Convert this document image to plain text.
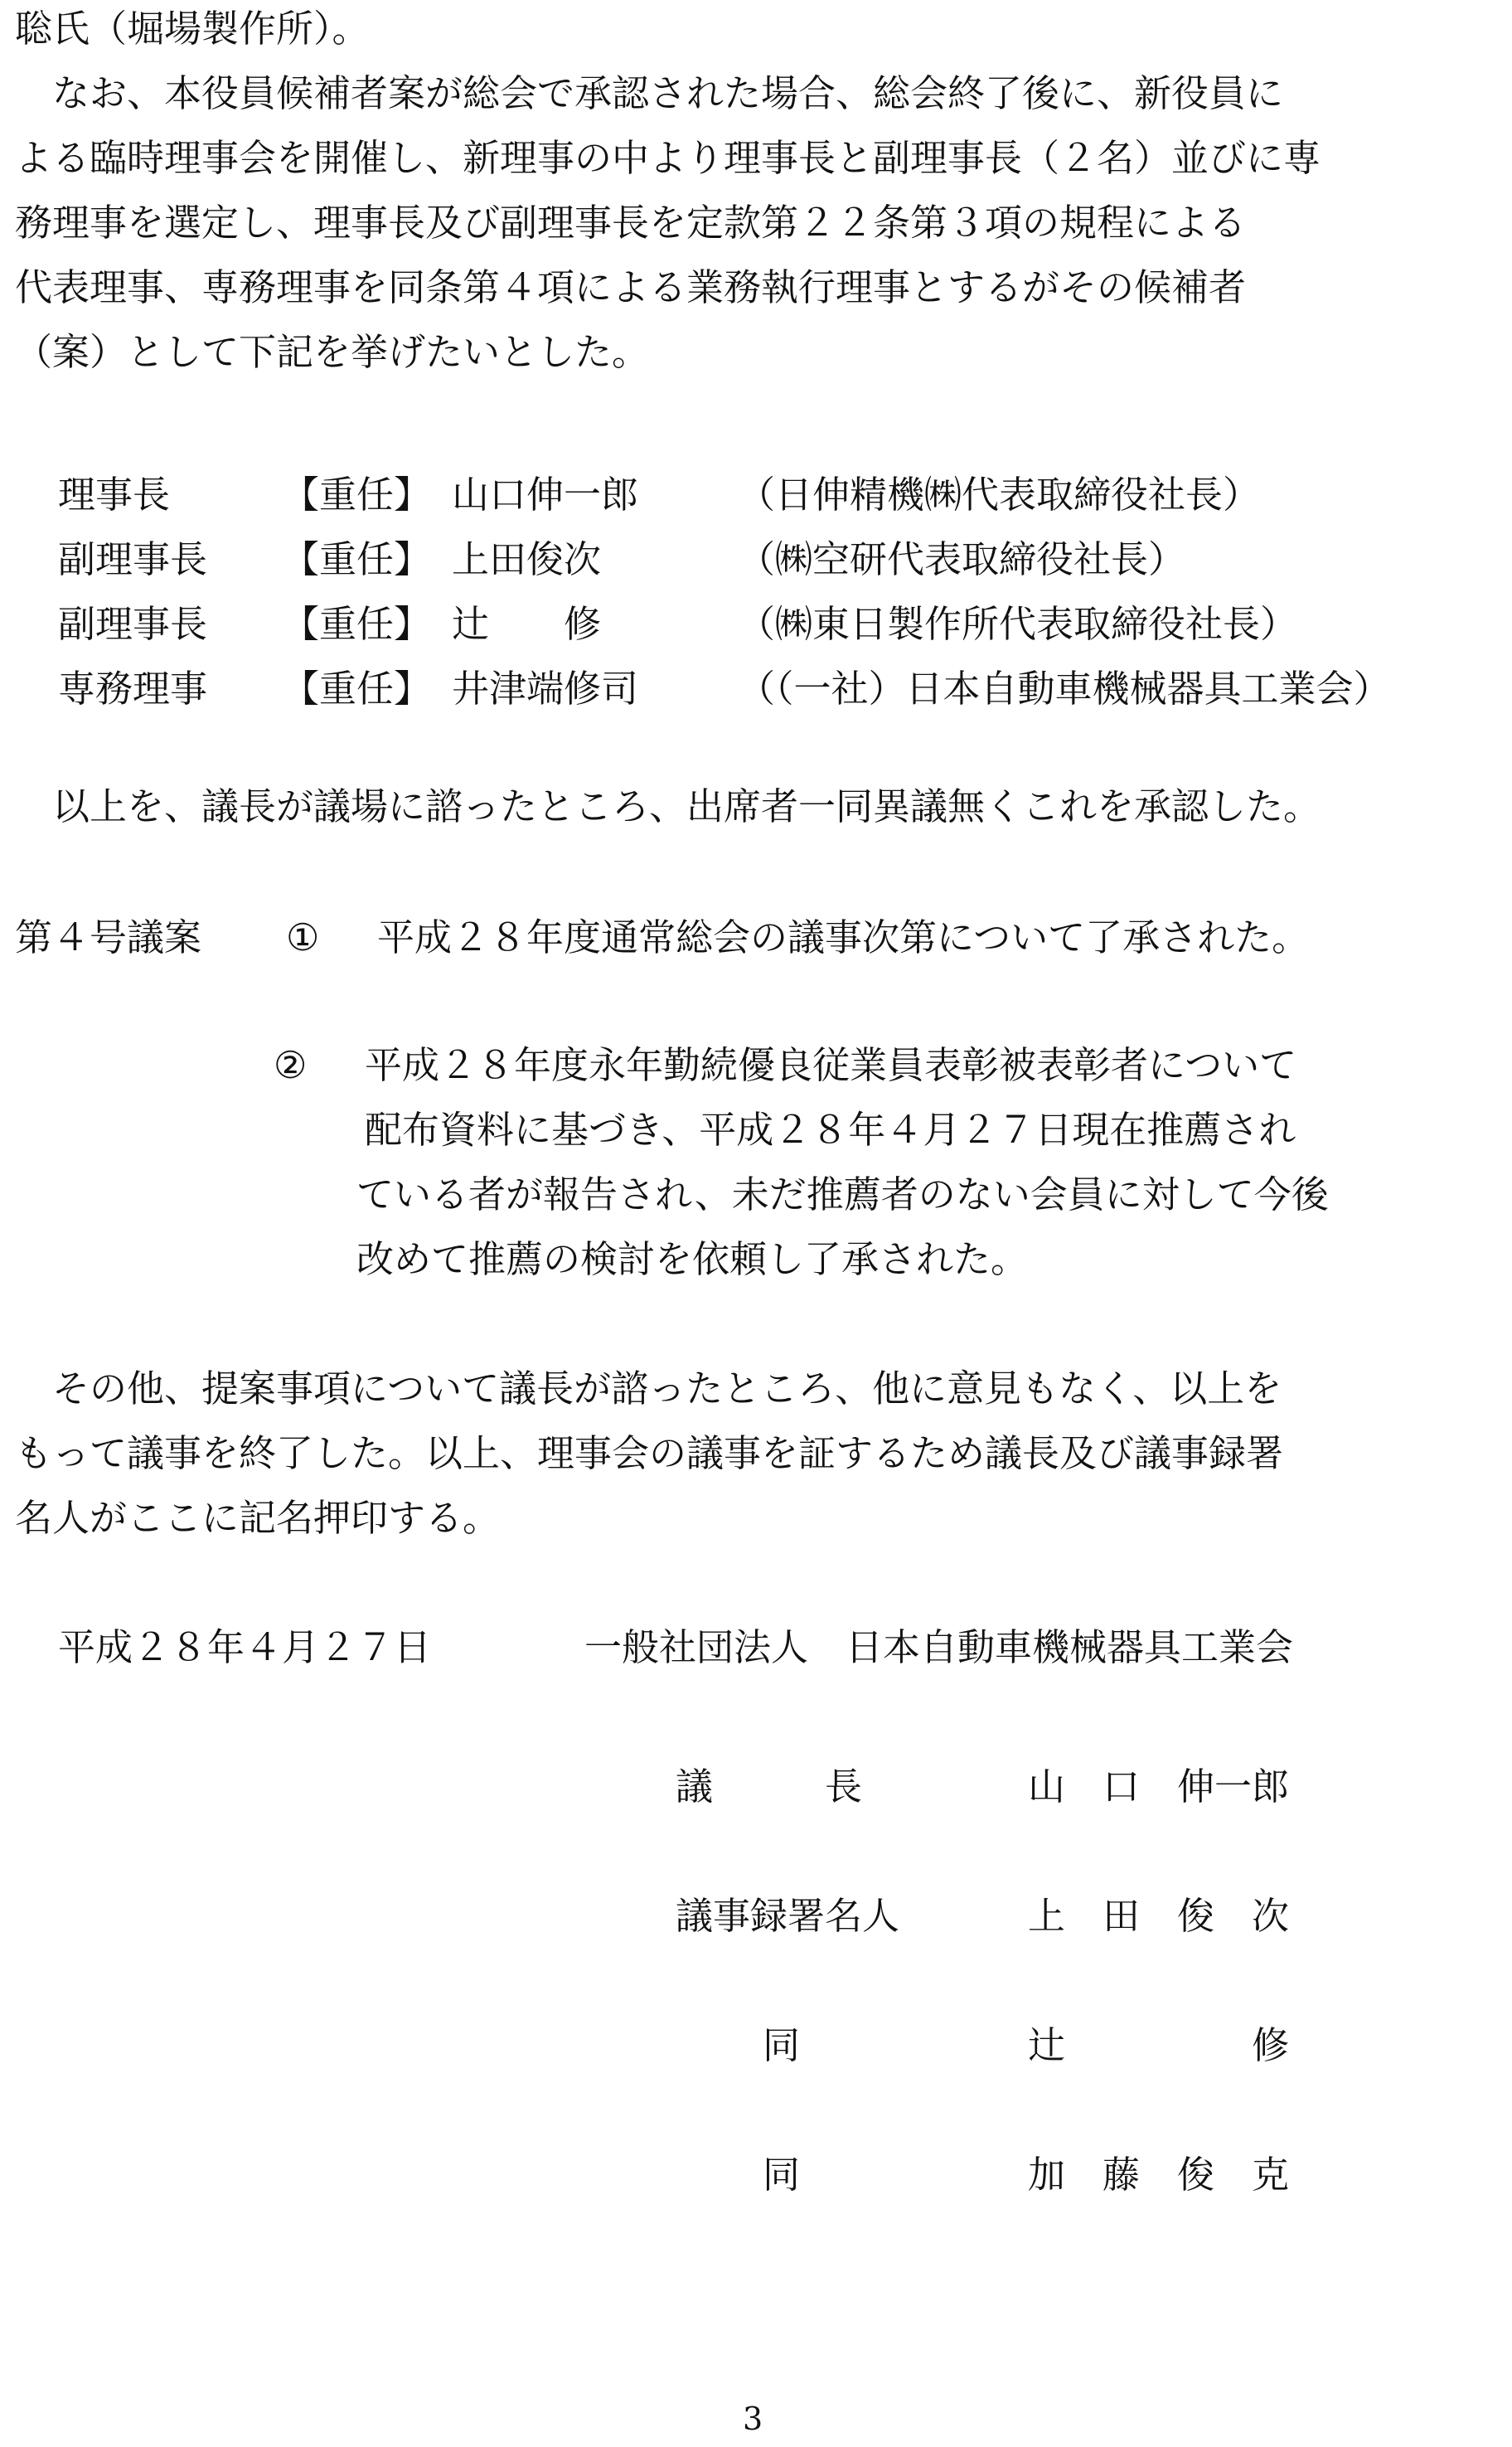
聡氏（堀場製作所）。
　なお、本役員候補者案が総会で承認された場合、総会終了後に、新役員に
よる臨時理事会を開催し、新理事の中より理事長と副理事長（２名）並びに専
務理事を選定し、理事長及び副理事長を定款第２２条第３項の規程による
代表理事、専務理事を同条第４項による業務執行理事とするがその候補者
（案）として下記を挙げたいとした。
理事長	【重任】 山口伸一郎	（日伸精機㈱代表取締役社長）
副理事長 【重任】 上田俊次	（㈱空研代表取締役社長）
副理事長 【重任】 辻　　修	（㈱東日製作所代表取締役社長）
専務理事 【重任】 井津端修司	（（一社）日本自動車機械器具工業会）
　以上を、議長が議場に諮ったところ、出席者一同異議無くこれを承認した。
第４号議案 ① 平成２８年度通常総会の議事次第について了承された。
② 平成２８年度永年勤続優良従業員表彰被表彰者について
配布資料に基づき、平成２８年４月２７日現在推薦され
ている者が報告され、未だ推薦者のない会員に対して今後
改めて推薦の検討を依頼し了承された。
　その他、提案事項について議長が諮ったところ、他に意見もなく、以上を
もって議事を終了した。以上、理事会の議事を証するため議長及び議事録署
名人がここに記名押印する。
平成２８年４月２７日	一般社団法人　日本自動車機械器具工業会
議　　　長	山　口　伸一郎
議事録署名人	上　田　俊　次
同	辻　　　　　修
同	加　藤　俊　克
3
